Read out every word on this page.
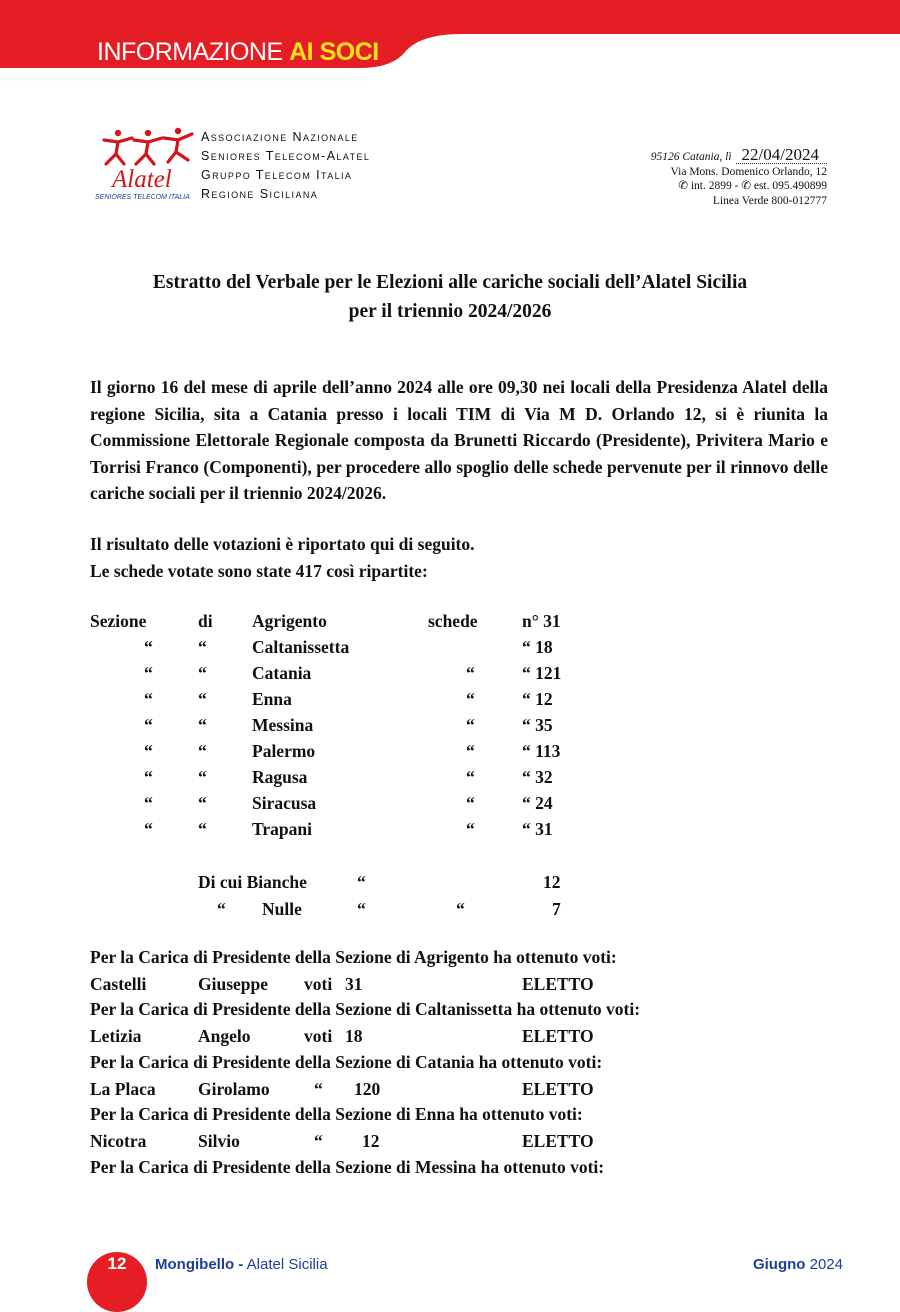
INFORMAZIONE AI SOCI
Alatel
SENIORES TELECOM ITALIA
Associazione Nazionale
Seniores Telecom-Alatel
Gruppo Telecom Italia
Regione Siciliana
95126 Catania, lì 22/04/2024
Via Mons. Domenico Orlando, 12
✆ int. 2899 - ✆ est. 095.490899
Linea Verde 800-012777
Estratto del Verbale per le Elezioni alle cariche sociali dell’Alatel Sicilia
per il triennio 2024/2026
Il giorno 16 del mese di aprile dell’anno 2024 alle ore 09,30 nei locali della Presidenza Alatel della regione Sicilia, sita a Catania presso i locali TIM di Via M D. Orlando 12, si è riunita la Commissione Elettorale Regionale composta da Brunetti Riccardo (Presidente), Privitera Mario e Torrisi Franco (Componenti), per procedere allo spoglio delle schede pervenute per il rinnovo delle cariche sociali per il triennio 2024/2026.
Il risultato delle votazioni è riportato qui di seguito.
Le schede votate sono state 417 così ripartite:
Sezione	di Agrigento	schede	n° 31
“	“	Caltanissetta	“ 18
“	“	Catania	“	“ 121
“	“	Enna	“	“ 12
“	“	Messina	“	“ 35
“	“	Palermo	“	“ 113
“	“	Ragusa	“	“ 32
“	“	Siracusa	“	“ 24
“	“	Trapani	“	“ 31
Di cui Bianche	“	12
“ Nulle	“	“	7
Per la Carica di Presidente della Sezione di Agrigento ha ottenuto voti:
Castelli	Giuseppe voti 31	ELETTO
Per la Carica di Presidente della Sezione di Caltanissetta ha ottenuto voti:
Letizia	Angelo	voti 18	ELETTO
Per la Carica di Presidente della Sezione di Catania ha ottenuto voti:
La Placa Girolamo	“ 120	ELETTO
Per la Carica di Presidente della Sezione di Enna ha ottenuto voti:
Nicotra	Silvio	“ 12	ELETTO
Per la Carica di Presidente della Sezione di Messina ha ottenuto voti:
12	Mongibello - Alatel Sicilia	Giugno 2024
